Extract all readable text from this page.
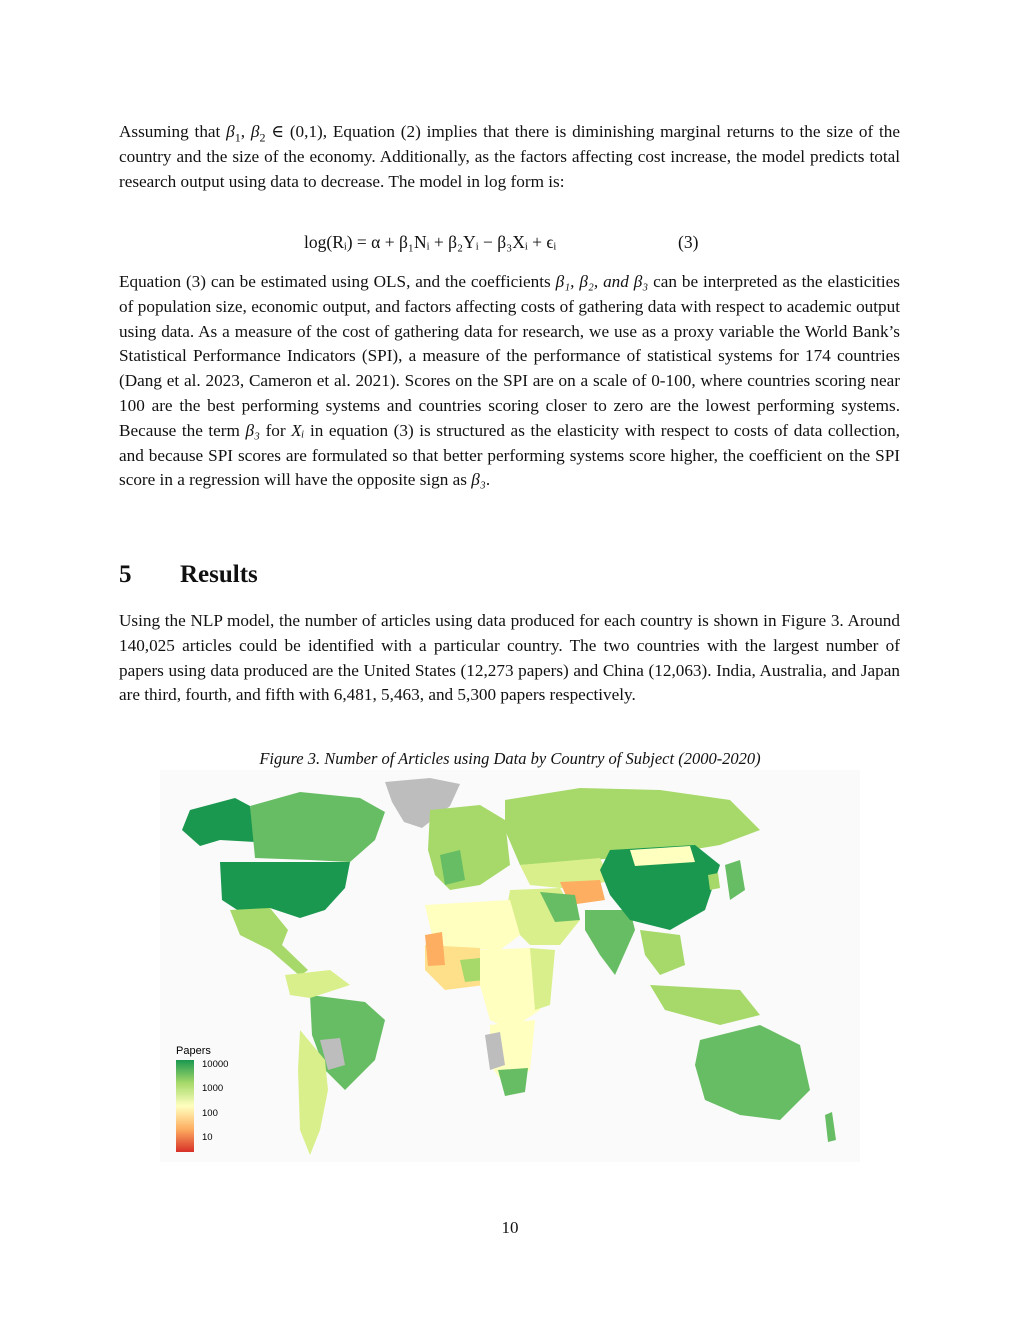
Assuming that $\beta_1$, $\beta_2$ ∈ (0,1), Equation (2) implies that there is diminishing marginal returns to the size of the country and the size of the economy. Additionally, as the factors affecting cost increase, the model predicts total research output using data to decrease. The model in log form is:

log(Rᵢ) = α + β₁Nᵢ + β₂Yᵢ − β₃Xᵢ + ϵᵢ	(3)

Equation (3) can be estimated using OLS, and the coefficients β₁, β₂, and β₃ can be interpreted as the elasticities of population size, economic output, and factors affecting costs of gathering data with respect to academic output using data. As a measure of the cost of gathering data for research, we use as a proxy variable the World Bank’s Statistical Performance Indicators (SPI), a measure of the performance of statistical systems for 174 countries (Dang et al. 2023, Cameron et al. 2021). Scores on the SPI are on a scale of 0-100, where countries scoring near 100 are the best performing systems and countries scoring closer to zero are the lowest performing systems. Because the term β₃ for Xᵢ in equation (3) is structured as the elasticity with respect to costs of data collection, and because SPI scores are formulated so that better performing systems score higher, the coefficient on the SPI score in a regression will have the opposite sign as β₃.

5 Results

Using the NLP model, the number of articles using data produced for each country is shown in Figure 3. Around 140,025 articles could be identified with a particular country. The two countries with the largest number of papers using data produced are the United States (12,273 papers) and China (12,063). India, Australia, and Japan are third, fourth, and fifth with 6,481, 5,463, and 5,300 papers respectively.

Figure 3. Number of Articles using Data by Country of Subject (2000-2020)
Papers
10000
1000
100
10
10
